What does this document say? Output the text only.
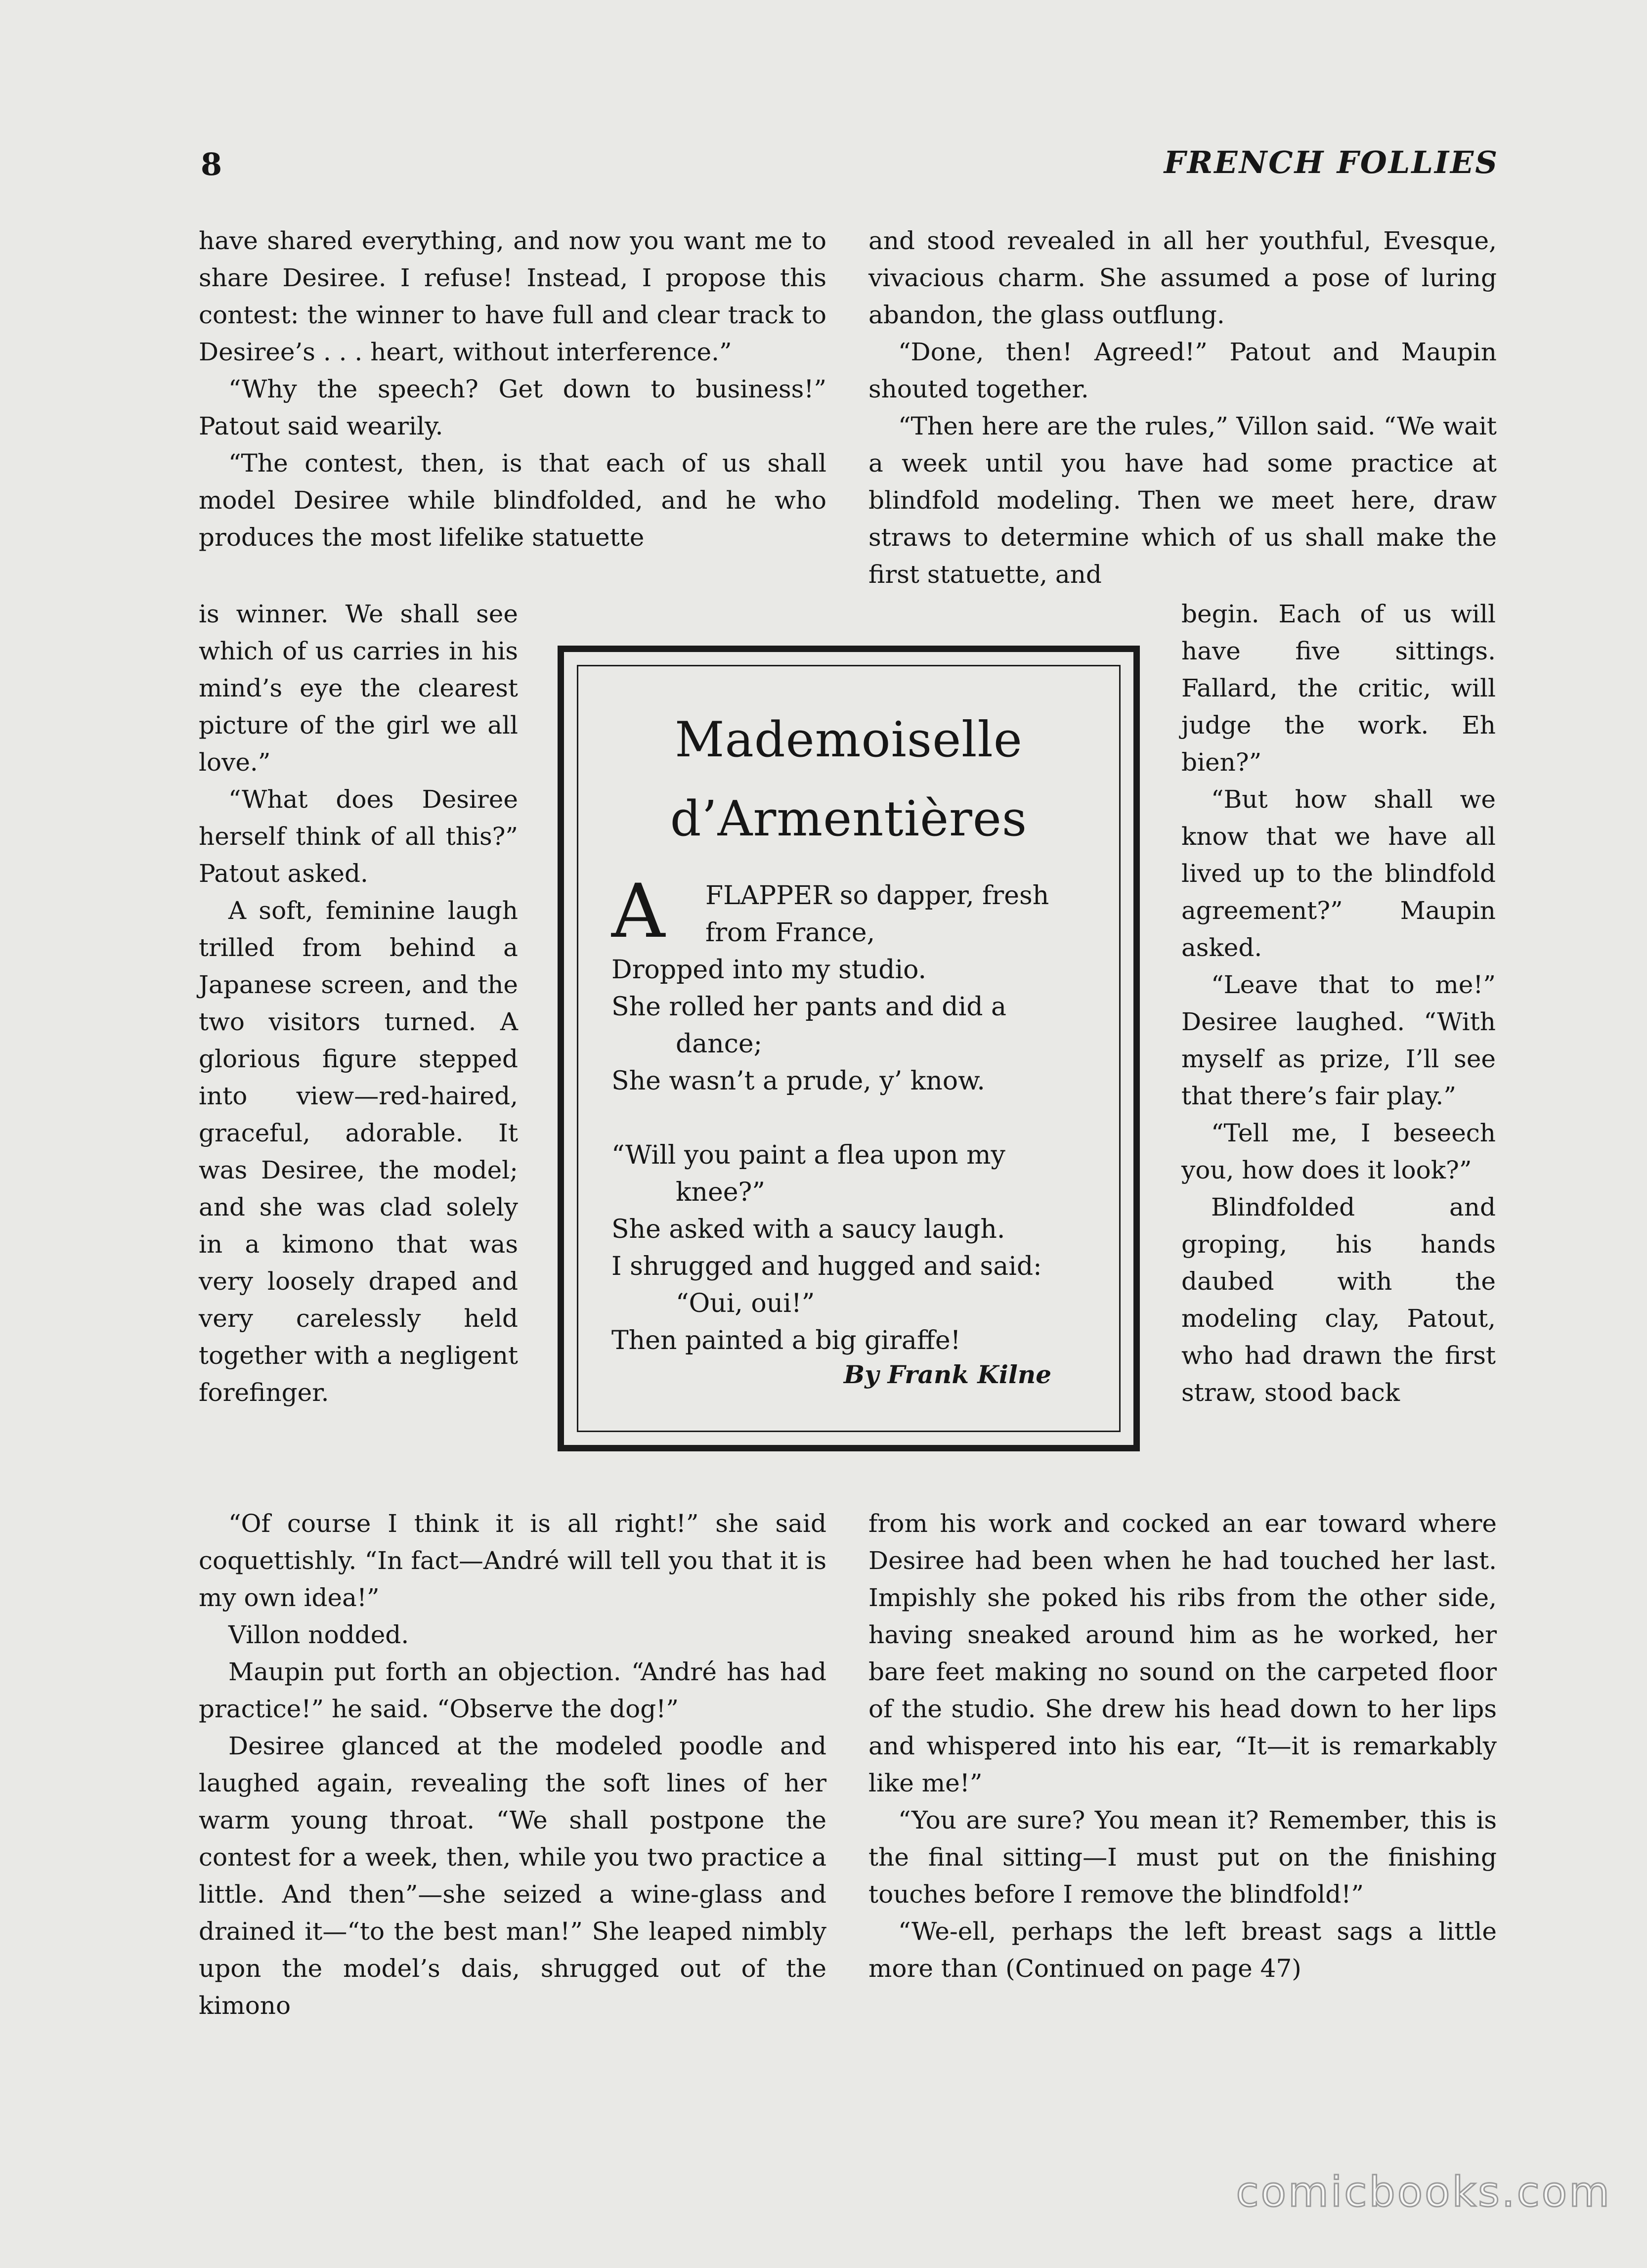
8	FRENCH FOLLIES

have shared everything, and now you want me to share Desiree. I refuse! Instead, I propose this contest: the winner to have full and clear track to Desiree’s . . . heart, without interference.”

“Why the speech? Get down to business!” Patout said wearily.

“The contest, then, is that each of us shall model Desiree while blindfolded, and he who produces the most lifelike statuette

and stood revealed in all her youthful, Evesque, vivacious charm. She assumed a pose of luring abandon, the glass outflung.

“Done, then! Agreed!” Patout and Maupin shouted together.

“Then here are the rules,” Villon said. “We wait a week until you have had some practice at blindfold modeling. Then we meet here, draw straws to determine which of us shall make the first statuette, and

is winner. We shall see which of us carries in his mind’s eye the clearest picture of the girl we all love.”

“What does Desiree herself think of all this?” Patout asked.

A soft, feminine laugh trilled from behind a Japanese screen, and the two visitors turned. A glorious figure stepped into view—red-haired, graceful, adorable. It was Desiree, the model; and she was clad solely in a kimono that was very loosely draped and very carelessly held together with a negligent forefinger.

begin. Each of us will have five sittings. Fallard, the critic, will judge the work. Eh bien?”

“But how shall we know that we have all lived up to the blindfold agreement?” Maupin asked.

“Leave that to me!” Desiree laughed. “With myself as prize, I’ll see that there’s fair play.”

“Tell me, I beseech you, how does it look?”

Blindfolded and groping, his hands daubed with the modeling clay, Patout, who had drawn the first straw, stood back

Mademoiselle
d’Armentières
A	FLAPPER so dapper, fresh
from France,
Dropped into my studio.
She rolled her pants and did a
dance;
She wasn’t a prude, y’ know.
“Will you paint a flea upon my
knee?”
She asked with a saucy laugh.
I shrugged and hugged and said:
“Oui, oui!”
Then painted a big giraffe!
By Frank Kilne

“Of course I think it is all right!” she said coquettishly. “In fact—André will tell you that it is my own idea!”

Villon nodded.

Maupin put forth an objection. “André has had practice!” he said. “Observe the dog!”

Desiree glanced at the modeled poodle and laughed again, revealing the soft lines of her warm young throat. “We shall postpone the contest for a week, then, while you two practice a little. And then”—she seized a wine-glass and drained it—“to the best man!” She leaped nimbly upon the model’s dais, shrugged out of the kimono

from his work and cocked an ear toward where Desiree had been when he had touched her last. Impishly she poked his ribs from the other side, having sneaked around him as he worked, her bare feet making no sound on the carpeted floor of the studio. She drew his head down to her lips and whispered into his ear, “It—it is remarkably like me!”

“You are sure? You mean it? Remember, this is the final sitting—I must put on the finishing touches before I remove the blindfold!”

“We-ell, perhaps the left breast sags a little more than (Continued on page 47)

comicbooks.com
